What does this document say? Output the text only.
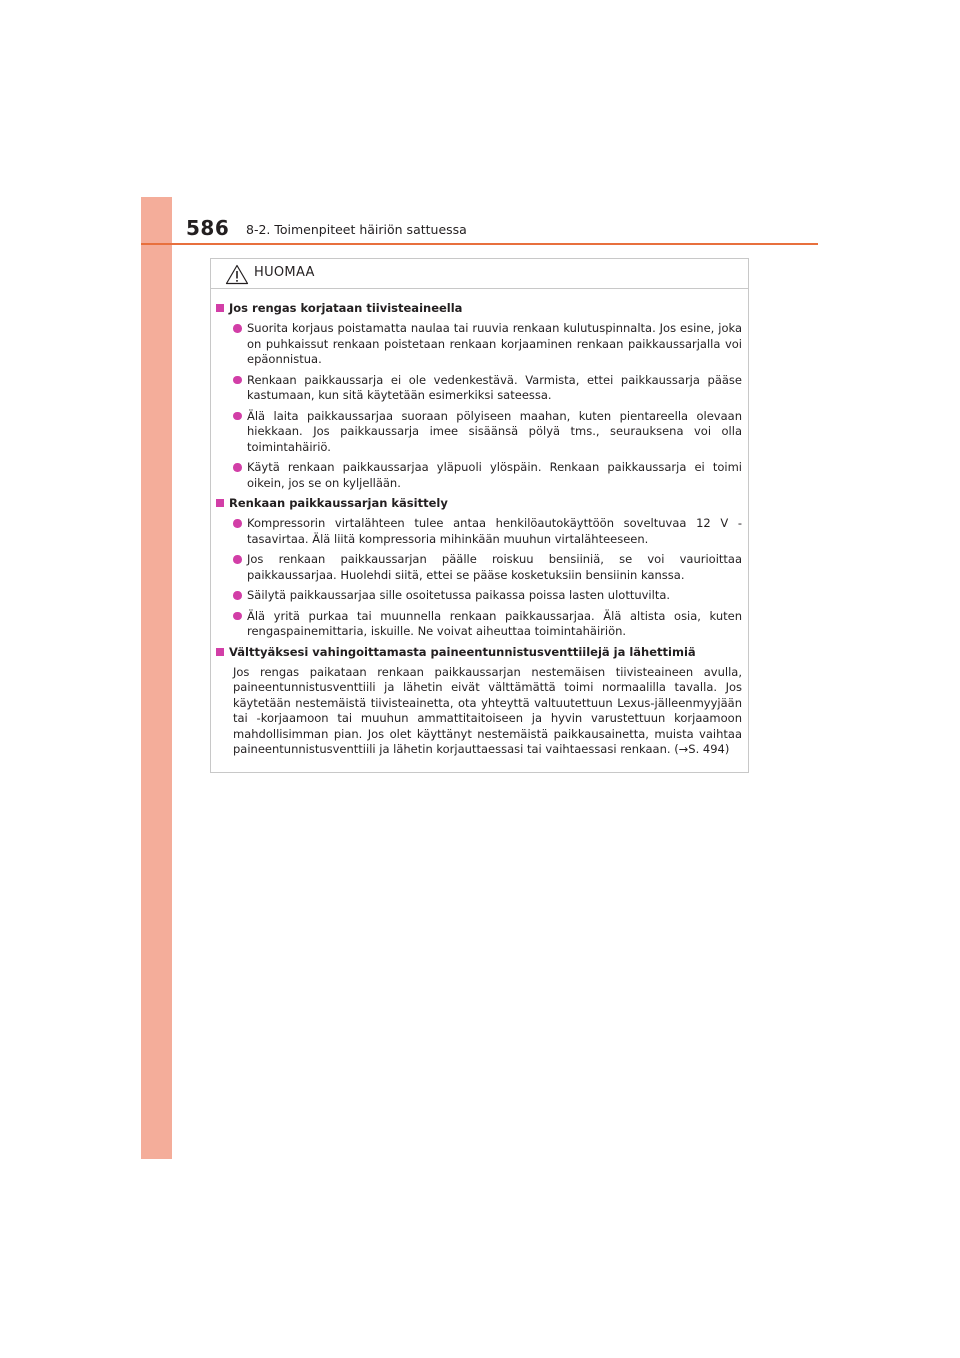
586 8-2. Toimenpiteet häiriön sattuessa
HUOMAA
Jos rengas korjataan tiivisteaineella
Suorita korjaus poistamatta naulaa tai ruuvia renkaan kulutuspinnalta. Jos esine, joka on puhkaissut renkaan poistetaan renkaan korjaaminen renkaan paikkaussarjalla voi epäonnistua.
Renkaan paikkaussarja ei ole vedenkestävä. Varmista, ettei paikkaussarja pääse kastumaan, kun sitä käytetään esimerkiksi sateessa.
Älä laita paikkaussarjaa suoraan pölyiseen maahan, kuten pientareella olevaan hiekkaan. Jos paikkaussarja imee sisäänsä pölyä tms., seurauksena voi olla toimintahäiriö.
Käytä renkaan paikkaussarjaa yläpuoli ylöspäin. Renkaan paikkaussarja ei toimi oikein, jos se on kyljellään.
Renkaan paikkaussarjan käsittely
Kompressorin virtalähteen tulee antaa henkilöautokäyttöön soveltuvaa 12 V -tasavirtaa. Älä liitä kompressoria mihinkään muuhun virtalähteeseen.
Jos renkaan paikkaussarjan päälle roiskuu bensiiniä, se voi vaurioittaa paikkaussarjaa. Huolehdi siitä, ettei se pääse kosketuksiin bensiinin kanssa.
Säilytä paikkaussarjaa sille osoitetussa paikassa poissa lasten ulottuvilta.
Älä yritä purkaa tai muunnella renkaan paikkaussarjaa. Älä altista osia, kuten rengaspainemittaria, iskuille. Ne voivat aiheuttaa toimintahäiriön.
Välttyäksesi vahingoittamasta paineentunnistusventtiilejä ja lähettimiä

Jos rengas paikataan renkaan paikkaussarjan nestemäisen tiivisteaineen avulla, paineentunnistusventtiili ja lähetin eivät välttämättä toimi normaalilla tavalla. Jos käytetään nestemäistä tiivisteainetta, ota yhteyttä valtuutettuun Lexus-jälleenmyyjään tai -korjaamoon tai muuhun ammattitaitoiseen ja hyvin varustettuun korjaamoon mahdollisimman pian. Jos olet käyttänyt nestemäistä paikkausainetta, muista vaihtaa paineentunnistusventtiili ja lähetin korjauttaessasi tai vaihtaessasi renkaan. (→S. 494)
